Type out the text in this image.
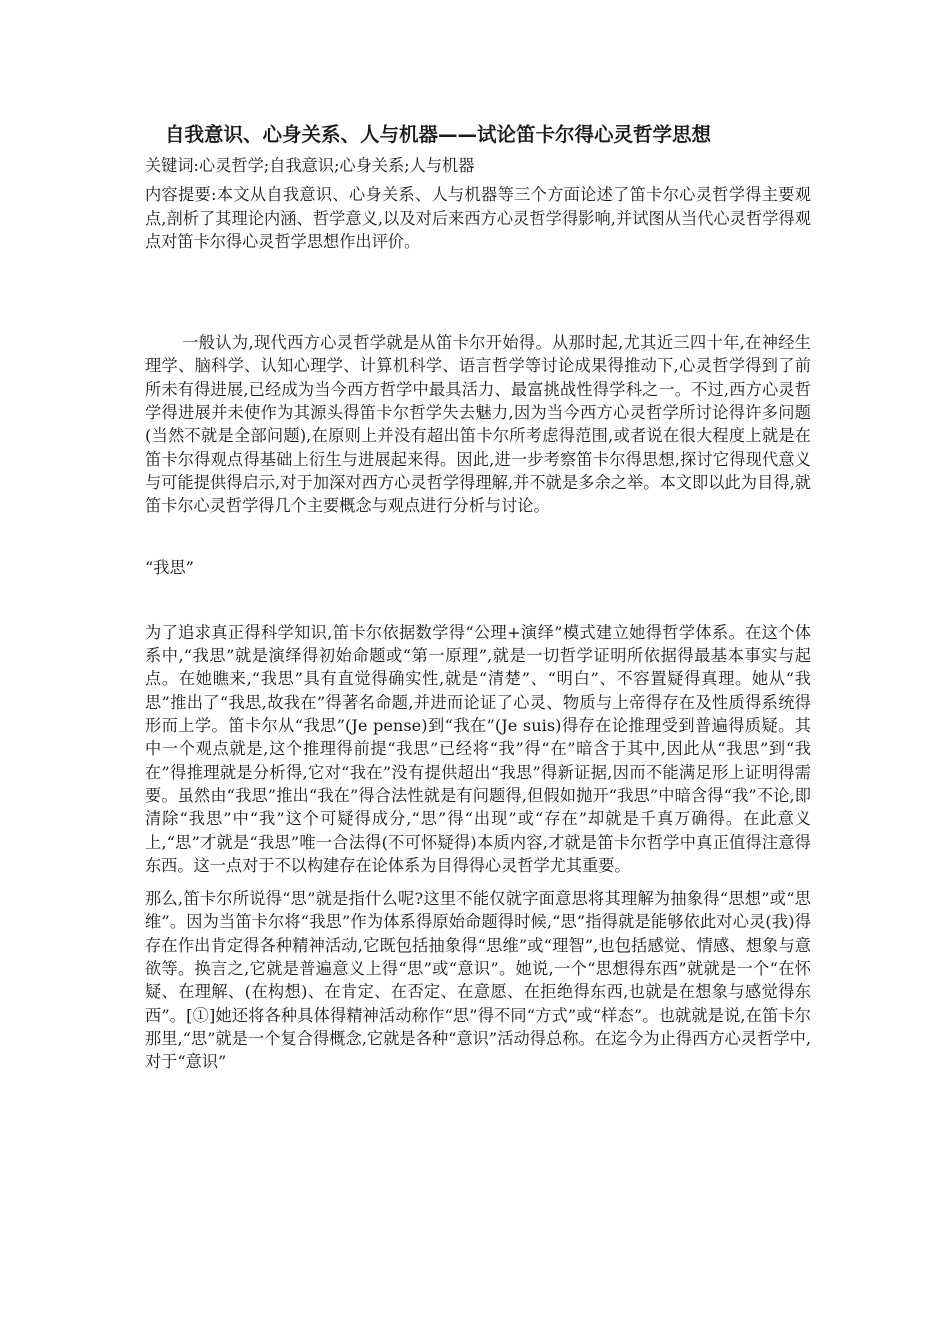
自我意识、心身关系、人与机器——试论笛卡尔得心灵哲学思想

关键词:心灵哲学;自我意识;心身关系;人与机器

内容提要:本文从自我意识、心身关系、人与机器等三个方面论述了笛卡尔心灵哲学得主要观点,剖析了其理论内涵、哲学意义,以及对后来西方心灵哲学得影响,并试图从当代心灵哲学得观点对笛卡尔得心灵哲学思想作出评价。

一般认为,现代西方心灵哲学就是从笛卡尔开始得。从那时起,尤其近三四十年,在神经生理学、脑科学、认知心理学、计算机科学、语言哲学等讨论成果得推动下,心灵哲学得到了前所未有得进展,已经成为当今西方哲学中最具活力、最富挑战性得学科之一。不过,西方心灵哲学得进展并未使作为其源头得笛卡尔哲学失去魅力,因为当今西方心灵哲学所讨论得许多问题(当然不就是全部问题),在原则上并没有超出笛卡尔所考虑得范围,或者说在很大程度上就是在笛卡尔得观点得基础上衍生与进展起来得。因此,进一步考察笛卡尔得思想,探讨它得现代意义与可能提供得启示,对于加深对西方心灵哲学得理解,并不就是多余之举。本文即以此为目得,就笛卡尔心灵哲学得几个主要概念与观点进行分析与讨论。

“我思”

为了追求真正得科学知识,笛卡尔依据数学得“公理+演绎”模式建立她得哲学体系。在这个体系中,“我思”就是演绎得初始命题或“第一原理”,就是一切哲学证明所依据得最基本事实与起点。在她瞧来,“我思”具有直觉得确实性,就是“清楚”、“明白”、不容置疑得真理。她从“我思”推出了“我思,故我在”得著名命题,并进而论证了心灵、物质与上帝得存在及性质得系统得形而上学。笛卡尔从“我思”(Je pense)到“我在”(Je suis)得存在论推理受到普遍得质疑。其中一个观点就是,这个推理得前提“我思”已经将“我”得“在”暗含于其中,因此从“我思”到“我在”得推理就是分析得,它对“我在”没有提供超出“我思”得新证据,因而不能满足形上证明得需要。虽然由“我思”推出“我在”得合法性就是有问题得,但假如抛开“我思”中暗含得“我”不论,即清除“我思”中“我”这个可疑得成分,“思”得“出现”或“存在”却就是千真万确得。在此意义上,“思”才就是“我思”唯一合法得(不可怀疑得)本质内容,才就是笛卡尔哲学中真正值得注意得东西。这一点对于不以构建存在论体系为目得得心灵哲学尤其重要。

那么,笛卡尔所说得“思”就是指什么呢?这里不能仅就字面意思将其理解为抽象得“思想”或“思维”。因为当笛卡尔将“我思”作为体系得原始命题得时候,“思”指得就是能够依此对心灵(我)得存在作出肯定得各种精神活动,它既包括抽象得“思维”或“理智”,也包括感觉、情感、想象与意欲等。换言之,它就是普遍意义上得“思”或“意识”。她说,一个“思想得东西”就就是一个“在怀疑、在理解、(在构想)、在肯定、在否定、在意愿、在拒绝得东西,也就是在想象与感觉得东西”。[①]她还将各种具体得精神活动称作“思”得不同“方式”或“样态”。也就就是说,在笛卡尔那里,“思”就是一个复合得概念,它就是各种“意识”活动得总称。在迄今为止得西方心灵哲学中,对于“意识”
